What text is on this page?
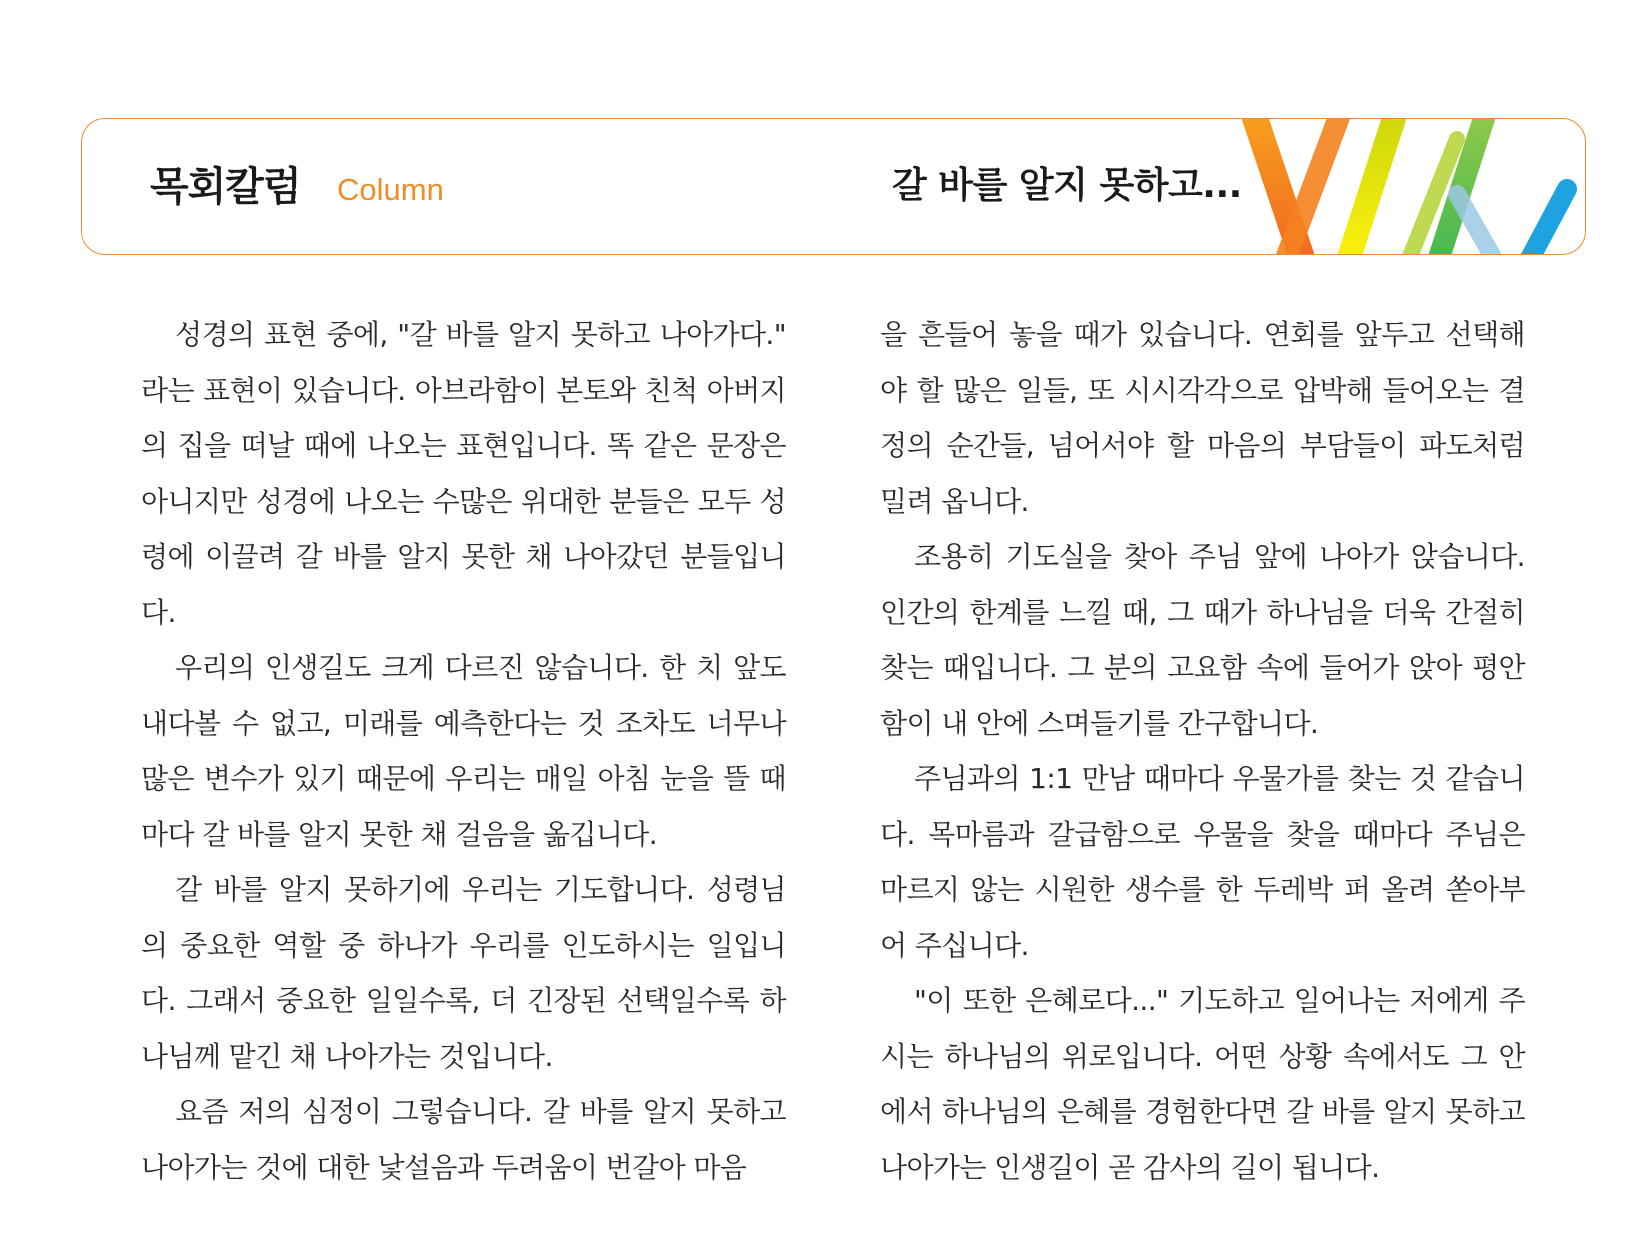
목회칼럼 Column	갈 바를 알지 못하고...

성경의 표현 중에, "갈 바를 알지 못하고 나아가다." 라는 표현이 있습니다. 아브라함이 본토와 친척 아버지의 집을 떠날 때에 나오는 표현입니다. 똑 같은 문장은 아니지만 성경에 나오는 수많은 위대한 분들은 모두 성령에 이끌려 갈 바를 알지 못한 채 나아갔던 분들입니다.

우리의 인생길도 크게 다르진 않습니다. 한 치 앞도 내다볼 수 없고, 미래를 예측한다는 것 조차도 너무나 많은 변수가 있기 때문에 우리는 매일 아침 눈을 뜰 때마다 갈 바를 알지 못한 채 걸음을 옮깁니다.

갈 바를 알지 못하기에 우리는 기도합니다. 성령님의 중요한 역할 중 하나가 우리를 인도하시는 일입니다. 그래서 중요한 일일수록, 더 긴장된 선택일수록 하나님께 맡긴 채 나아가는 것입니다.

요즘 저의 심정이 그렇습니다. 갈 바를 알지 못하고 나아가는 것에 대한 낯설음과 두려움이 번갈아 마음

을 흔들어 놓을 때가 있습니다. 연회를 앞두고 선택해야 할 많은 일들, 또 시시각각으로 압박해 들어오는 결정의 순간들, 넘어서야 할 마음의 부담들이 파도처럼 밀려 옵니다.

조용히 기도실을 찾아 주님 앞에 나아가 앉습니다. 인간의 한계를 느낄 때, 그 때가 하나님을 더욱 간절히 찾는 때입니다. 그 분의 고요함 속에 들어가 앉아 평안함이 내 안에 스며들기를 간구합니다.

주님과의 1:1 만남 때마다 우물가를 찾는 것 같습니다. 목마름과 갈급함으로 우물을 찾을 때마다 주님은 마르지 않는 시원한 생수를 한 두레박 퍼 올려 쏟아부어 주십니다.

"이 또한 은혜로다..." 기도하고 일어나는 저에게 주시는 하나님의 위로입니다. 어떤 상황 속에서도 그 안에서 하나님의 은혜를 경험한다면 갈 바를 알지 못하고 나아가는 인생길이 곧 감사의 길이 됩니다.
